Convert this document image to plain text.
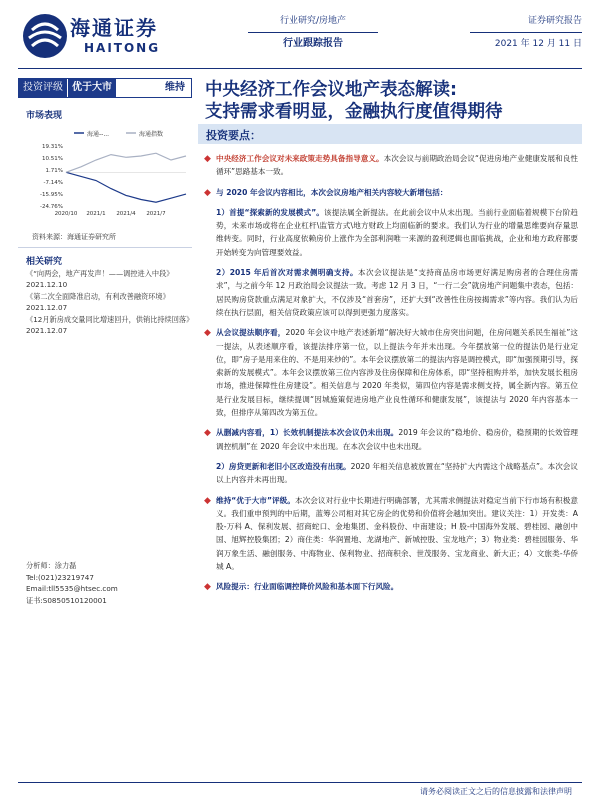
海通证券
HAITONG
行业研究/房地产
行业跟踪报告
证券研究报告
2021 年 12 月 11 日
投资评级 优于大市	维持
市场表现
海通--...	海通指数
19.31%
10.51%
1.71%
-7.14%
-15.95%
-24.76%
2020/10 2021/1 2021/4 2021/7
资料来源：海通证券研究所
相关研究
《“向两会，地产再发声！——调控进入中段》 2021.12.10
《第二次全面降准启动，有利改善融资环境》 2021.12.07
《12月新房成交量同比增速回升，供销比持续回落》 2021.12.07
分析师：涂力磊
Tel:(021)23219747
Email:tll5535@htsec.com
证书:S0850510120001
中央经济工作会议地产表态解读:
支持需求看明显，金融执行度值得期待
投资要点：
◆ 中央经济工作会议对未来政策走势具备指导意义。本次会议与前期政治局会议“促进房地产业健康发展和良性循环”思路基本一致。
◆ 与 2020 年会议内容相比，本次会议房地产相关内容较大新增包括：
1）首提“探索新的发展模式”。该提法属全新提法。在此前会议中从未出现。当前行业面临着规模下台阶趋势，未来市场或将在企业杠杆\监管方式\地方财政上均面临新的要求。我们认为行业的增量思维要向存量思维转变。同时，行业高度依赖房价上涨作为全部利润唯一来源的盈利逻辑也面临挑战，企业和地方政府都要开始转变为向管理要效益。
2）2015 年后首次对需求侧明确支持。本次会议提法是“支持商品房市场更好满足购房者的合理住房需求”，与之前今年 12 月政治局会议提法一致。考虑 12 月 3 日，“一行二会”就房地产问题集中表态，包括：居民购房贷款重点满足对象扩大，不仅涉及“首套房”，还扩大到“改善性住房按揭需求”等内容。我们认为后续在执行层面，相关信贷政策应该可以得到更强力度落实。
◆ 从会议提法顺序看，2020 年会议中地产表述新增“解决好大城市住房突出问题，住房问题关系民生福祉”这一提法，从表述顺序看，该提法排序第一位，以上提法今年并未出现。今年摆放第一位的提法仍是行业定位，即“房子是用来住的、不是用来炒的”。本年会议摆放第二的提法内容是调控模式，即“加强预期引导，探索新的发展模式”。本年会议摆放第三位内容涉及住房保障和住房体系，即“坚持租购并举，加快发展长租房市场，推进保障性住房建设”。相关信息与 2020 年类似，第四位内容是需求侧支持，属全新内容。第五位是行业发展目标，继续提调“因城施策促进房地产业良性循环和健康发展”，该提法与 2020 年内容基本一致，但排序从第四改为第五位。
◆ 从删减内容看，1）长效机制提法本次会议仍未出现。2019 年会议的“稳地价、稳房价，稳预期的长效管理调控机制”在 2020 年会议中未出现。在本次会议中也未出现。
2）房贷更新和老旧小区改造没有出现。2020 年相关信息被放置在“坚持扩大内需这个战略基点”。本次会议以上内容并未再出现。
◆ 维持“优于大市”评级。本次会议对行业中长期进行明确部署，尤其需求侧提法对稳定当前下行市场有积极意义。我们重申预判的中后期，蓝筹公司相对其它房企的优势和价值将会越加突出。建议关注：1）开发类：A 股-万科 A、保利发展、招商蛇口、金地集团、金科股份、中南建设；H 股-中国海外发展、碧桂园、融创中国、旭辉控股集团；2）商住类：华润置地、龙湖地产、新城控股、宝龙地产；3）物业类：碧桂园服务、华润万象生活、融创服务、中海物业、保利物业、招商积余、世茂服务、宝龙商业、新大正；4）文旅类-华侨城 A。
◆ 风险提示：行业面临调控降价风险和基本面下行风险。
请务必阅读正文之后的信息披露和法律声明
